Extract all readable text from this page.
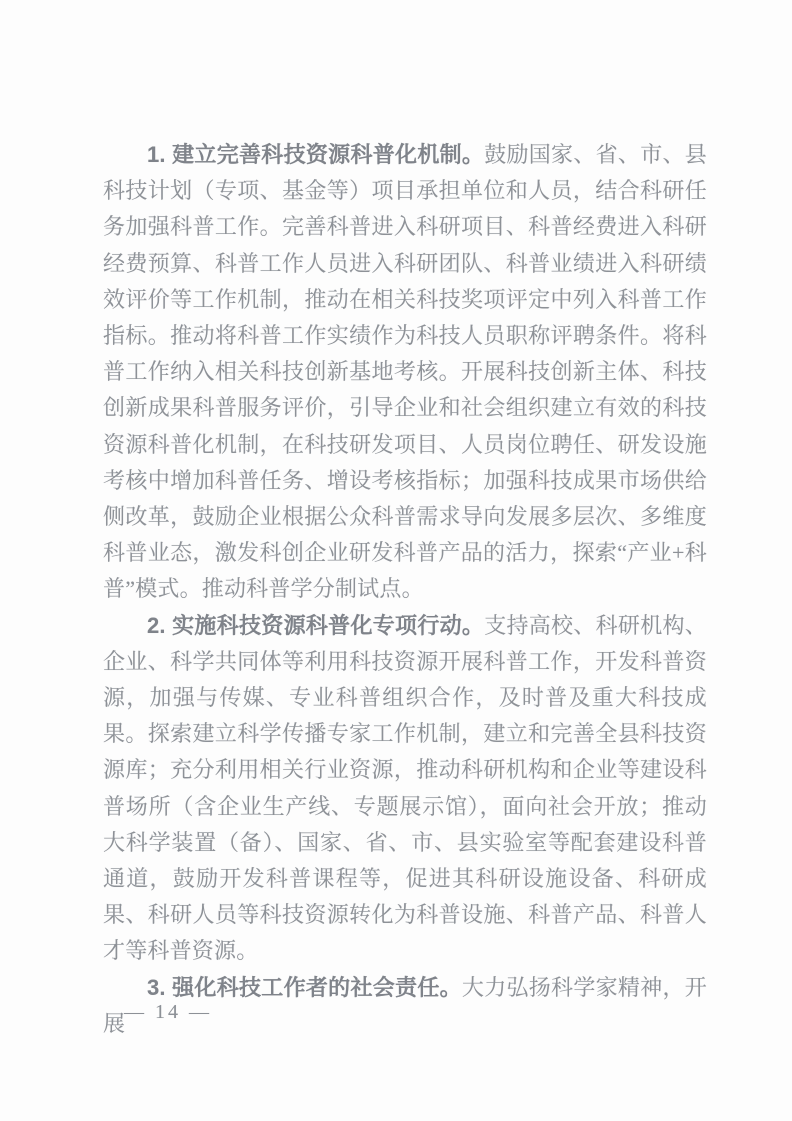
1. 建立完善科技资源科普化机制。鼓励国家、省、市、县科技计划（专项、基金等）项目承担单位和人员，结合科研任务加强科普工作。完善科普进入科研项目、科普经费进入科研经费预算、科普工作人员进入科研团队、科普业绩进入科研绩效评价等工作机制，推动在相关科技奖项评定中列入科普工作指标。推动将科普工作实绩作为科技人员职称评聘条件。将科普工作纳入相关科技创新基地考核。开展科技创新主体、科技创新成果科普服务评价，引导企业和社会组织建立有效的科技资源科普化机制，在科技研发项目、人员岗位聘任、研发设施考核中增加科普任务、增设考核指标；加强科技成果市场供给侧改革，鼓励企业根据公众科普需求导向发展多层次、多维度科普业态，激发科创企业研发科普产品的活力，探索“产业+科普”模式。推动科普学分制试点。

2. 实施科技资源科普化专项行动。支持高校、科研机构、企业、科学共同体等利用科技资源开展科普工作，开发科普资源，加强与传媒、专业科普组织合作，及时普及重大科技成果。探索建立科学传播专家工作机制，建立和完善全县科技资源库；充分利用相关行业资源，推动科研机构和企业等建设科普场所（含企业生产线、专题展示馆），面向社会开放；推动大科学装置（备）、国家、省、市、县实验室等配套建设科普通道，鼓励开发科普课程等，促进其科研设施设备、科研成果、科研人员等科技资源转化为科普设施、科普产品、科普人才等科普资源。

3. 强化科技工作者的社会责任。大力弘扬科学家精神，开展

— 14 —
